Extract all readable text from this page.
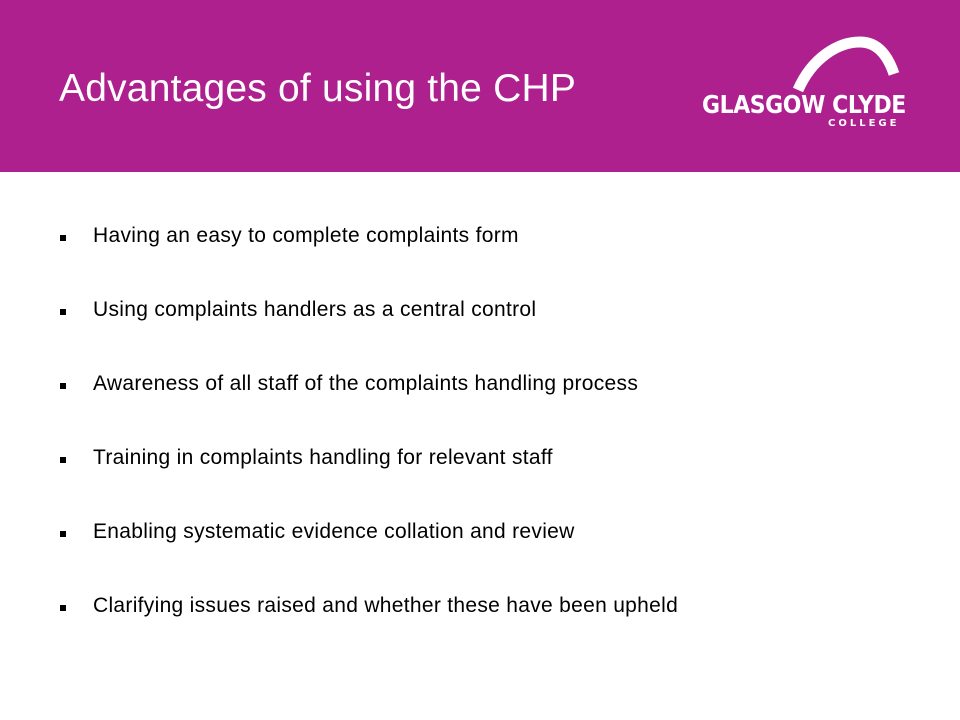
Advantages of using the CHP	GLASGOW CLYDE
COLLEGE
Having an easy to complete complaints form
Using complaints handlers as a central control
Awareness of all staff of the complaints handling process
Training in complaints handling for relevant staff
Enabling systematic evidence collation and review
Clarifying issues raised and whether these have been upheld
